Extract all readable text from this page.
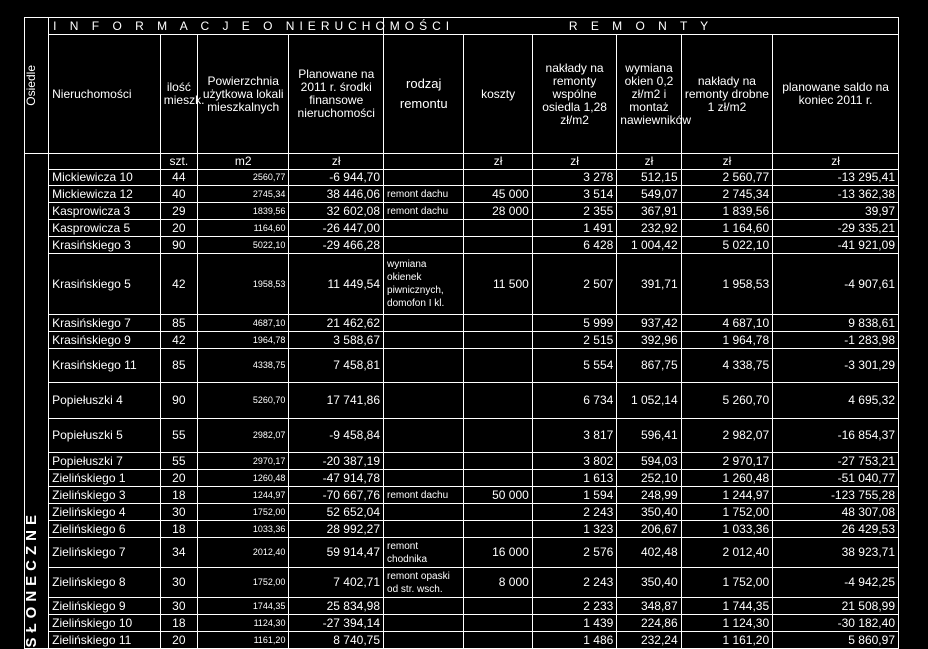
Osiedle	I N F O R M A C J E O NIERUCHOMOŚCI				R E M O N T Y					
	Nieruchomości	ilość mieszk.	Powierzchnia użytkowa lokali mieszkalnych	Planowane na 2011 r. środki finansowe nieruchomości	rodzaj remontu	koszty	nakłady na remonty wspólne osiedla 1,28 zł/m2	wymiana okien 0,2 zł/m2 i montaż nawiewników	nakłady na remonty drobne 1 zł/m2	planowane saldo na koniec 2011 r.

SŁONECZNE		szt.	m2	zł		zł	zł	zł	zł	zł
	Mickiewicza 10	44	2560,77	-6 944,70			3 278	512,15	2 560,77	-13 295,41
	Mickiewicza 12	40	2745,34	38 446,06	remont dachu	45 000	3 514	549,07	2 745,34	-13 362,38
	Kasprowicza 3	29	1839,56	32 602,08	remont dachu	28 000	2 355	367,91	1 839,56	39,97
	Kasprowicza 5	20	1164,60	-26 447,00			1 491	232,92	1 164,60	-29 335,21
	Krasińskiego 3	90	5022,10	-29 466,28			6 428	1 004,42	5 022,10	-41 921,09
	Krasińskiego 5	42	1958,53	11 449,54	wymiana okienek piwnicznych, domofon I kl.	11 500	2 507	391,71	1 958,53	-4 907,61
	Krasińskiego 7	85	4687,10	21 462,62			5 999	937,42	4 687,10	9 838,61
	Krasińskiego 9	42	1964,78	3 588,67			2 515	392,96	1 964,78	-1 283,98
	Krasińskiego 11	85	4338,75	7 458,81			5 554	867,75	4 338,75	-3 301,29
	Popiełuszki 4	90	5260,70	17 741,86			6 734	1 052,14	5 260,70	4 695,32
	Popiełuszki 5	55	2982,07	-9 458,84			3 817	596,41	2 982,07	-16 854,37
	Popiełuszki 7	55	2970,17	-20 387,19			3 802	594,03	2 970,17	-27 753,21
	Zielińskiego 1	20	1260,48	-47 914,78			1 613	252,10	1 260,48	-51 040,77
	Zielińskiego 3	18	1244,97	-70 667,76	remont dachu	50 000	1 594	248,99	1 244,97	-123 755,28
	Zielińskiego 4	30	1752,00	52 652,04			2 243	350,40	1 752,00	48 307,08
	Zielińskiego 6	18	1033,36	28 992,27			1 323	206,67	1 033,36	26 429,53
	Zielińskiego 7	34	2012,40	59 914,47	remont chodnika	16 000	2 576	402,48	2 012,40	38 923,71
	Zielińskiego 8	30	1752,00	7 402,71	remont opaski od str. wsch.	8 000	2 243	350,40	1 752,00	-4 942,25
	Zielińskiego 9	30	1744,35	25 834,98			2 233	348,87	1 744,35	21 508,99
	Zielińskiego 10	18	1124,30	-27 394,14			1 439	224,86	1 124,30	-30 182,40
	Zielińskiego 11	20	1161,20	8 740,75			1 486	232,24	1 161,20	5 860,97
